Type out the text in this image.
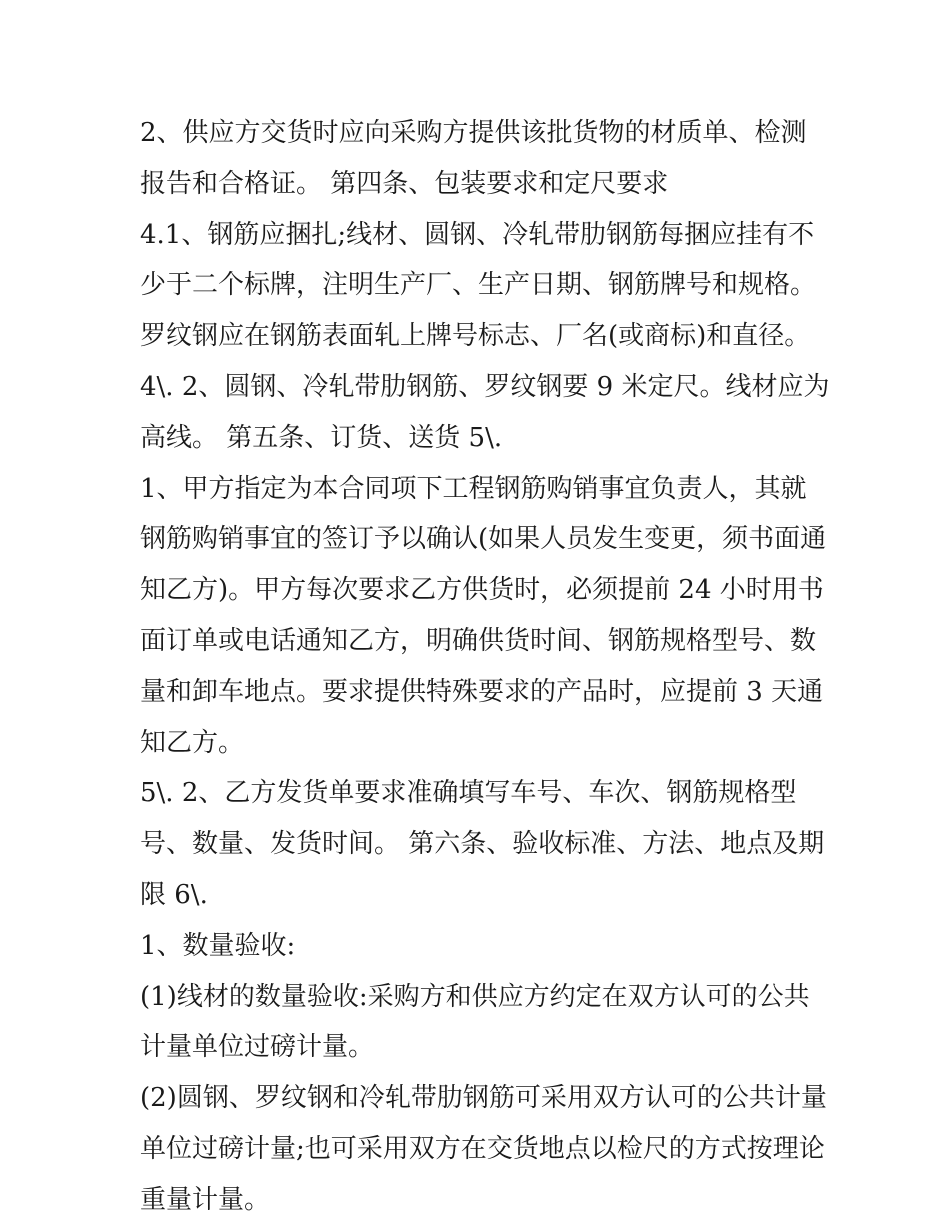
2、供应方交货时应向采购方提供该批货物的材质单、检测报告和合格证。 第四条、包装要求和定尺要求

4.1、钢筋应捆扎;线材、圆钢、冷轧带肋钢筋每捆应挂有不少于二个标牌，注明生产厂、生产日期、钢筋牌号和规格。罗纹钢应在钢筋表面轧上牌号标志、厂名(或商标)和直径。

4\. 2、圆钢、冷轧带肋钢筋、罗纹钢要 9 米定尺。线材应为高线。 第五条、订货、送货 5\.

1、甲方指定为本合同项下工程钢筋购销事宜负责人，其就钢筋购销事宜的签订予以确认(如果人员发生变更，须书面通知乙方)。甲方每次要求乙方供货时，必须提前 24 小时用书面订单或电话通知乙方，明确供货时间、钢筋规格型号、数量和卸车地点。要求提供特殊要求的产品时，应提前 3 天通知乙方。

5\. 2、乙方发货单要求准确填写车号、车次、钢筋规格型号、数量、发货时间。 第六条、验收标准、方法、地点及期限 6\.

1、数量验收:

(1)线材的数量验收:采购方和供应方约定在双方认可的公共计量单位过磅计量。

(2)圆钢、罗纹钢和冷轧带肋钢筋可采用双方认可的公共计量单位过磅计量;也可采用双方在交货地点以检尺的方式按理论重量计量。
